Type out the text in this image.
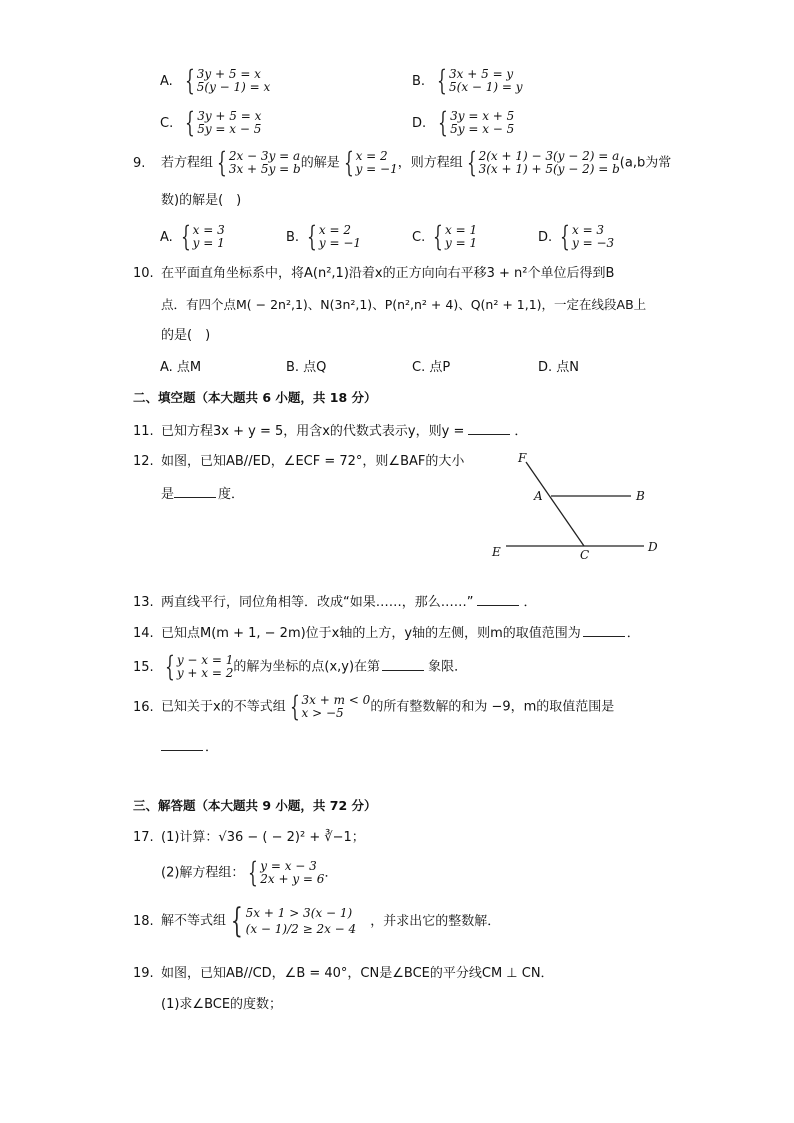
A. { 3y + 5 = x
5(y − 1) = x	B. { 3x + 5 = y
5(x − 1) = y
C. { 3y + 5 = x
5y = x − 5	D. { 3y = x + 5
5y = x − 5
9. 若方程组 { 2x − 3y = a
3x + 5y = b 的解是 { x = 2
y = −1 ，则方程组 { 2(x + 1) − 3(y − 2) = a
3(x + 1) + 5(y − 2) = b (a,b为常
数)的解是(　)
A. { x = 3
y = 1	B. { x = 2
y = −1	C. { x = 1
y = 1	D. { x = 3
y = −3
10. 在平面直角坐标系中，将A(n²,1)沿着x的正方向向右平移3 + n²个单位后得到B
点．有四个点M( − 2n²,1)、N(3n²,1)、P(n²,n² + 4)、Q(n² + 1,1)，一定在线段AB上
的是(　)
A. 点M	B. 点Q	C. 点P	D. 点N
二、填空题（本大题共 6 小题，共 18 分）
11. 已知方程3x + y = 5，用含x的代数式表示y，则y =	．
12. 如图，已知AB//ED，∠ECF = 72°，则∠BAF的大小
是	度．
F
A	B
E	C
D
13. 两直线平行，同位角相等．改成“如果……，那么……”	．
14. 已知点M(m + 1, − 2m)位于x轴的上方，y轴的左侧，则m的取值范围为	．
15. { y − x = 1
y + x = 2 的解为坐标的点(x,y)在第	象限．
16. 已知关于x的不等式组 { 3x + m < 0
x > −5	的所有整数解的和为 −9，m的取值范围是
．
三、解答题（本大题共 9 小题，共 72 分）
17. (1)计算：√36 − ( − 2)² + ∛−1；
(2)解方程组： { y = x − 3
2x + y = 6 ．
18. 解不等式组 { 5x + 1 > 3(x − 1)
(x − 1)/2 ≥ 2x − 4
，并求出它的整数解．
19. 如图，已知AB//CD，∠B = 40°，CN是∠BCE的平分线CM ⊥ CN．
(1)求∠BCE的度数；
